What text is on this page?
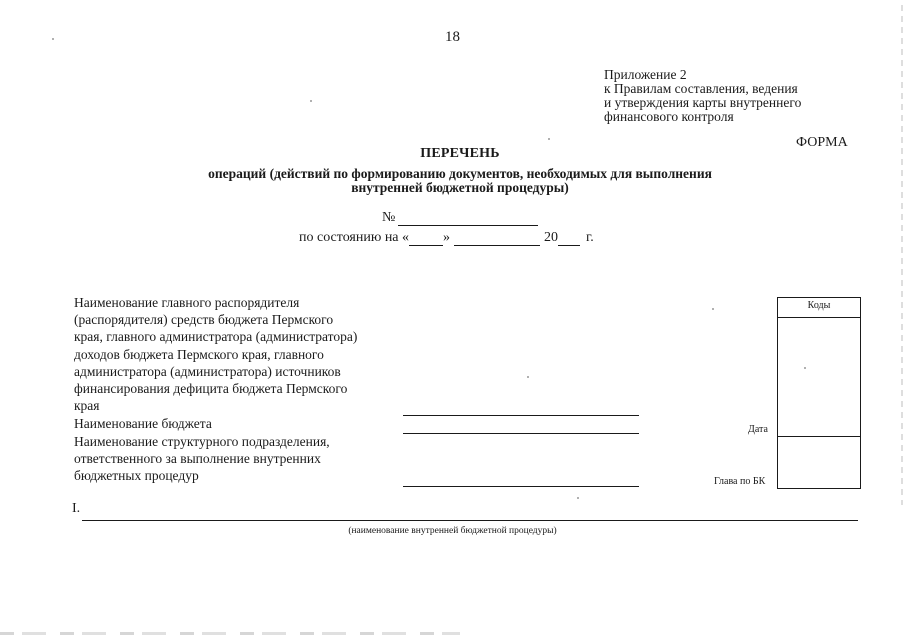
18
Приложение 2
к Правилам составления, ведения
и утверждения карты внутреннего
финансового контроля
ФОРМА
ПЕРЕЧЕНЬ
операций (действий по формированию документов, необходимых для выполнения
внутренней бюджетной процедуры)
№
по состоянию на « »	20 г.
Наименование главного распорядителя
(распорядителя) средств бюджета Пермского
края, главного администратора (администратора)
доходов бюджета Пермского края, главного
администратора (администратора) источников
финансирования дефицита бюджета Пермского
края
Наименование бюджета
Наименование структурного подразделения,
ответственного за выполнение внутренних
бюджетных процедур
Коды
Дата
Глава по БК
I.
(наименование внутренней бюджетной процедуры)
